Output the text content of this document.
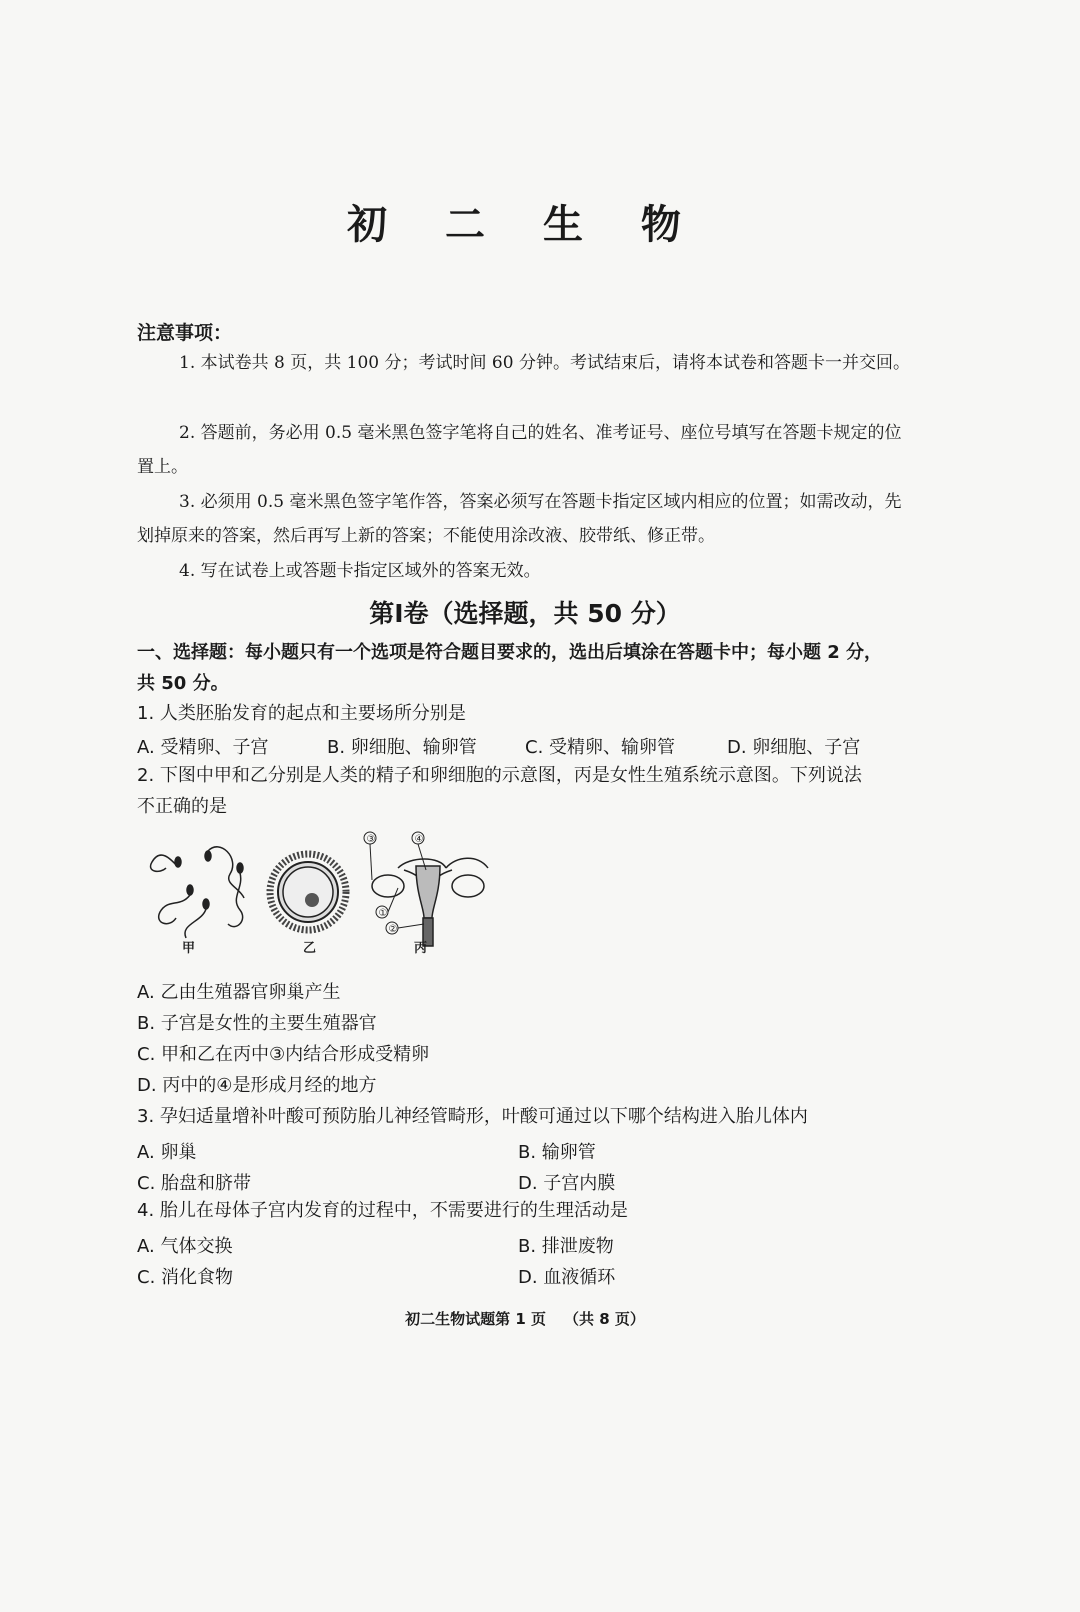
初 二 生 物
注意事项：
1. 本试卷共 8 页，共 100 分；考试时间 60 分钟。考试结束后，请将本试卷和答题卡一并交回。
2. 答题前，务必用 0.5 毫米黑色签字笔将自己的姓名、准考证号、座位号填写在答题卡规定的位置上。
3. 必须用 0.5 毫米黑色签字笔作答，答案必须写在答题卡指定区域内相应的位置；如需改动，先划掉原来的答案，然后再写上新的答案；不能使用涂改液、胶带纸、修正带。
4. 写在试卷上或答题卡指定区域外的答案无效。
第Ⅰ卷（选择题，共 50 分）
一、选择题：每小题只有一个选项是符合题目要求的，选出后填涂在答题卡中；每小题 2 分，
共 50 分。
1. 人类胚胎发育的起点和主要场所分别是
A. 受精卵、子宫	B. 卵细胞、输卵管	C. 受精卵、输卵管	D. 卵细胞、子宫
2. 下图中甲和乙分别是人类的精子和卵细胞的示意图，丙是女性生殖系统示意图。下列说法
不正确的是
甲	乙
③	④
①
②
丙
A. 乙由生殖器官卵巢产生
B. 子宫是女性的主要生殖器官
C. 甲和乙在丙中③内结合形成受精卵
D. 丙中的④是形成月经的地方
3. 孕妇适量增补叶酸可预防胎儿神经管畸形，叶酸可通过以下哪个结构进入胎儿体内
A. 卵巢	B. 输卵管
C. 胎盘和脐带	D. 子宫内膜
4. 胎儿在母体子宫内发育的过程中，不需要进行的生理活动是
A. 气体交换	B. 排泄废物
C. 消化食物	D. 血液循环
初二生物试题第 1 页 （共 8 页）
